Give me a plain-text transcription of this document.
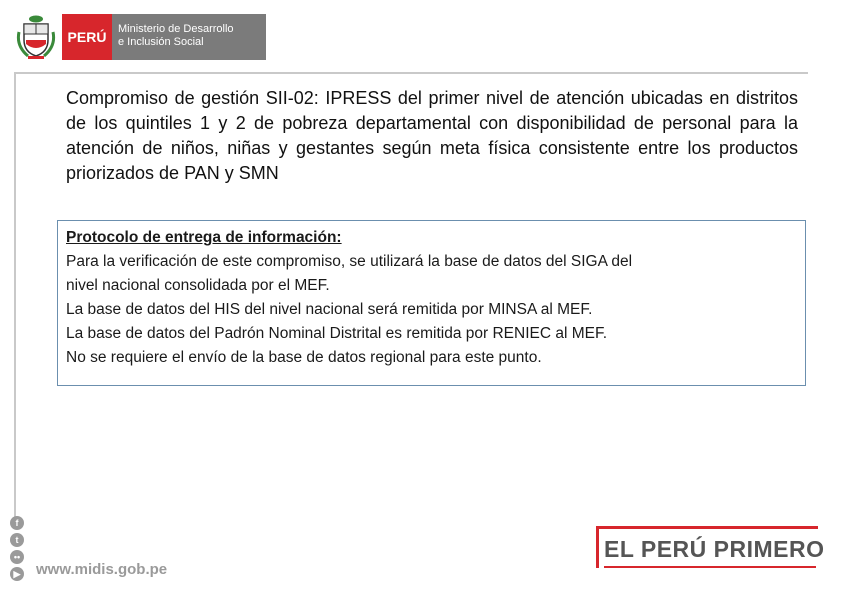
PERÚ	Ministerio de Desarrollo
e Inclusión Social
Compromiso de gestión SII-02: IPRESS del primer nivel de atención ubicadas en distritos de los quintiles 1 y 2 de pobreza departamental con disponibilidad de personal para la atención de niños, niñas y gestantes según meta física consistente entre los productos priorizados de PAN y SMN
Protocolo de entrega de información:
Para la verificación de este compromiso, se utilizará la base de datos del SIGA del
nivel nacional consolidada por el MEF.
La base de datos del HIS del nivel nacional será remitida por MINSA al MEF.
La base de datos del Padrón Nominal Distrital es remitida por RENIEC al MEF.
No se requiere el envío de la base de datos regional para este punto.
f
t
••
▶ www.midis.gob.pe
EL PERÚ PRIMERO
